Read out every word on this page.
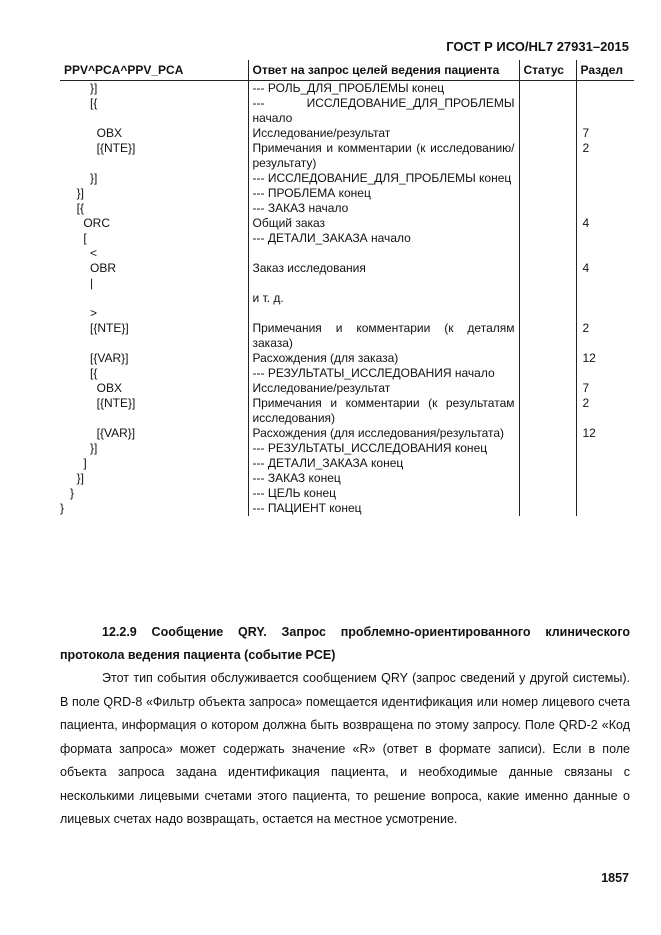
ГОСТ Р ИСО/HL7 27931–2015
PPV^PCA^PPV_PCA	Ответ на запрос целей ведения пациента	Статус	Раздел
}]	--- РОЛЬ_ДЛЯ_ПРОБЛЕМЫ конец		
[{	--- ИССЛЕДОВАНИЕ_ДЛЯ_ПРОБЛЕМЫ начало		
OBX	Исследование/результат		7
[{NTE}]	Примечания и комментарии (к исследованию/результату)		2
}]	--- ИССЛЕДОВАНИЕ_ДЛЯ_ПРОБЛЕМЫ конец		
}]	--- ПРОБЛЕМА конец		
[{	--- ЗАКАЗ начало		
ORC	Общий заказ		4
[	--- ДЕТАЛИ_ЗАКАЗА начало		
<			
OBR	Заказ исследования		4
|			
	и т. д.		
>			
[{NTE}]	Примечания и комментарии (к деталям заказа)		2
[{VAR}]	Расхождения (для заказа)		12
[{	--- РЕЗУЛЬТАТЫ_ИССЛЕДОВАНИЯ начало		
OBX	Исследование/результат		7
[{NTE}]	Примечания и комментарии (к результатам исследования)		2
[{VAR}]	Расхождения (для исследования/результата)		12
}]	--- РЕЗУЛЬТАТЫ_ИССЛЕДОВАНИЯ конец		
]	--- ДЕТАЛИ_ЗАКАЗА конец		
}]	--- ЗАКАЗ конец		
}	--- ЦЕЛЬ конец		
}	--- ПАЦИЕНТ конец		
12.2.9 Сообщение QRY. Запрос проблемно-ориентированного клинического протокола ведения пациента (событие PCE)
Этот тип события обслуживается сообщением QRY (запрос сведений у другой системы). В поле QRD-8 «Фильтр объекта запроса» помещается идентификация или номер лицевого счета пациента, информация о котором должна быть возвращена по этому запросу. Поле QRD-2 «Код формата запроса» может содержать значение «R» (ответ в формате записи). Если в поле объекта запроса задана идентификация пациента, и необходимые данные связаны с несколькими лицевыми счетами этого пациента, то решение вопроса, какие именно данные о лицевых счетах надо возвращать, остается на местное усмотрение.
1857
